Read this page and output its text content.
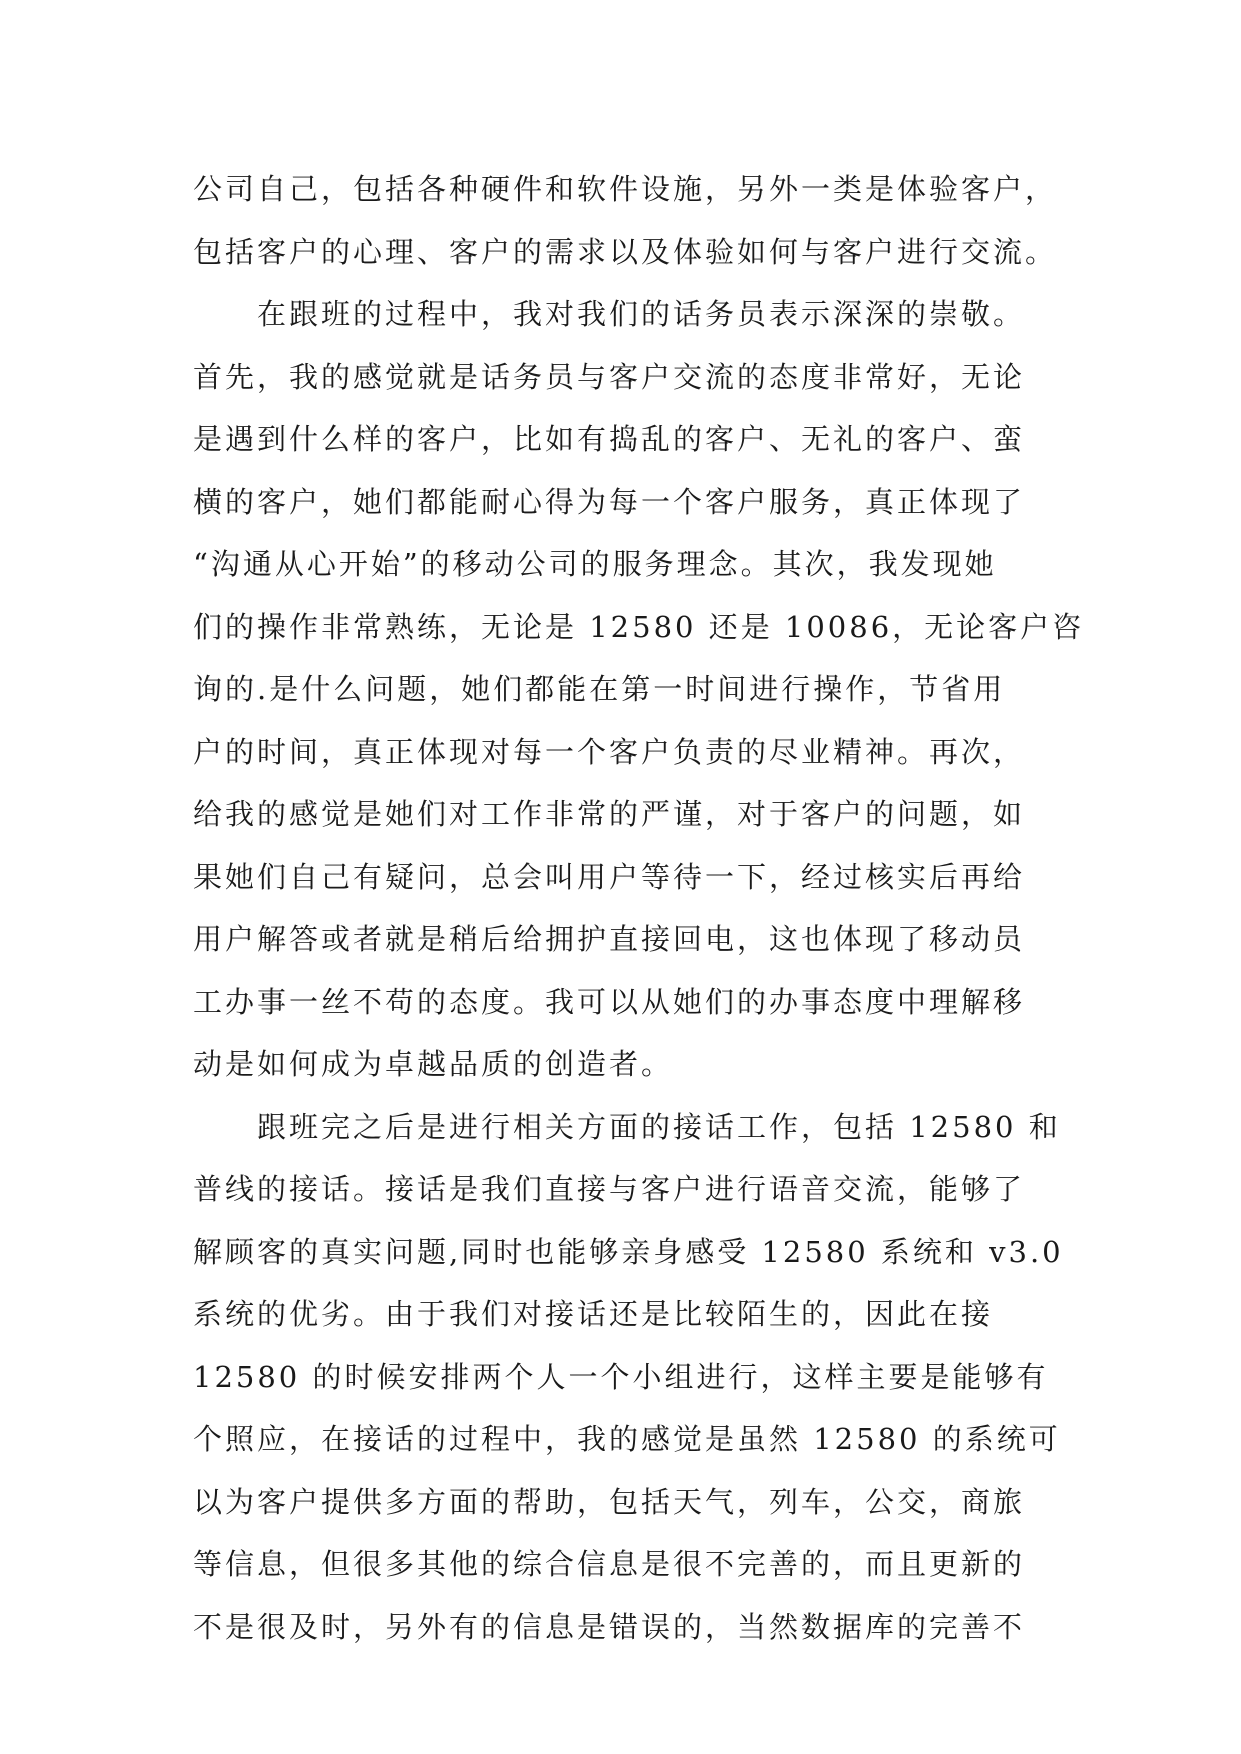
公司自己，包括各种硬件和软件设施，另外一类是体验客户，
包括客户的心理、客户的需求以及体验如何与客户进行交流。
　　在跟班的过程中，我对我们的话务员表示深深的崇敬。
首先，我的感觉就是话务员与客户交流的态度非常好，无论
是遇到什么样的客户，比如有捣乱的客户、无礼的客户、蛮
横的客户，她们都能耐心得为每一个客户服务，真正体现了
“沟通从心开始”的移动公司的服务理念。其次，我发现她
们的操作非常熟练，无论是 12580 还是 10086，无论客户咨
询的.是什么问题，她们都能在第一时间进行操作，节省用
户的时间，真正体现对每一个客户负责的尽业精神。再次，
给我的感觉是她们对工作非常的严谨，对于客户的问题，如
果她们自己有疑问，总会叫用户等待一下，经过核实后再给
用户解答或者就是稍后给拥护直接回电，这也体现了移动员
工办事一丝不苟的态度。我可以从她们的办事态度中理解移
动是如何成为卓越品质的创造者。
　　跟班完之后是进行相关方面的接话工作，包括 12580 和
普线的接话。接话是我们直接与客户进行语音交流，能够了
解顾客的真实问题,同时也能够亲身感受 12580 系统和 v3.0
系统的优劣。由于我们对接话还是比较陌生的，因此在接
12580 的时候安排两个人一个小组进行，这样主要是能够有
个照应，在接话的过程中，我的感觉是虽然 12580 的系统可
以为客户提供多方面的帮助，包括天气，列车，公交，商旅
等信息，但很多其他的综合信息是很不完善的，而且更新的
不是很及时，另外有的信息是错误的，当然数据库的完善不
